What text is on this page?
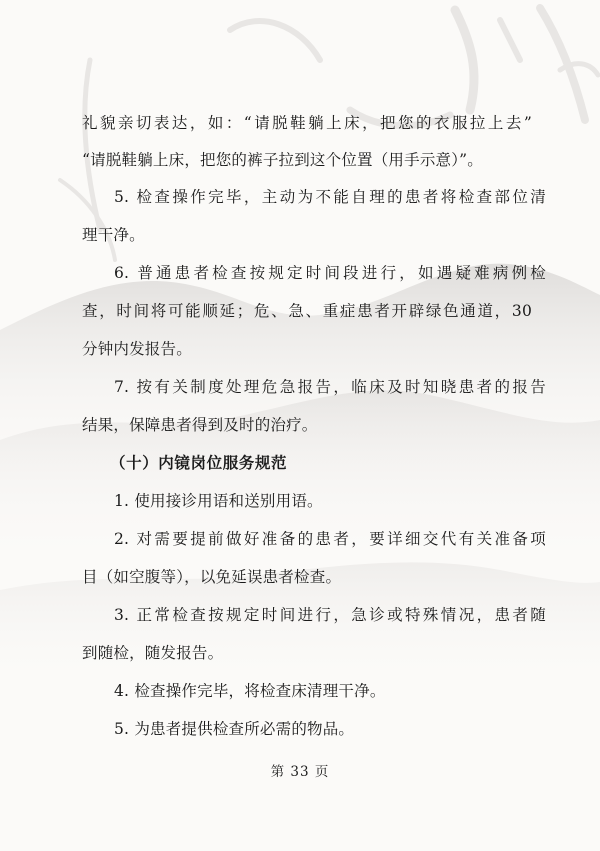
礼貌亲切表达，如：“请脱鞋躺上床，把您的衣服拉上去”
“请脱鞋躺上床，把您的裤子拉到这个位置（用手示意）”。
5. 检查操作完毕，主动为不能自理的患者将检查部位清
理干净。
6. 普通患者检查按规定时间段进行，如遇疑难病例检
查，时间将可能顺延；危、急、重症患者开辟绿色通道，30
分钟内发报告。
7. 按有关制度处理危急报告，临床及时知晓患者的报告
结果，保障患者得到及时的治疗。
（十）内镜岗位服务规范
1. 使用接诊用语和送别用语。
2. 对需要提前做好准备的患者，要详细交代有关准备项
目（如空腹等），以免延误患者检查。
3. 正常检查按规定时间进行，急诊或特殊情况，患者随
到随检，随发报告。
4. 检查操作完毕，将检查床清理干净。
5. 为患者提供检查所必需的物品。
第 33 页
